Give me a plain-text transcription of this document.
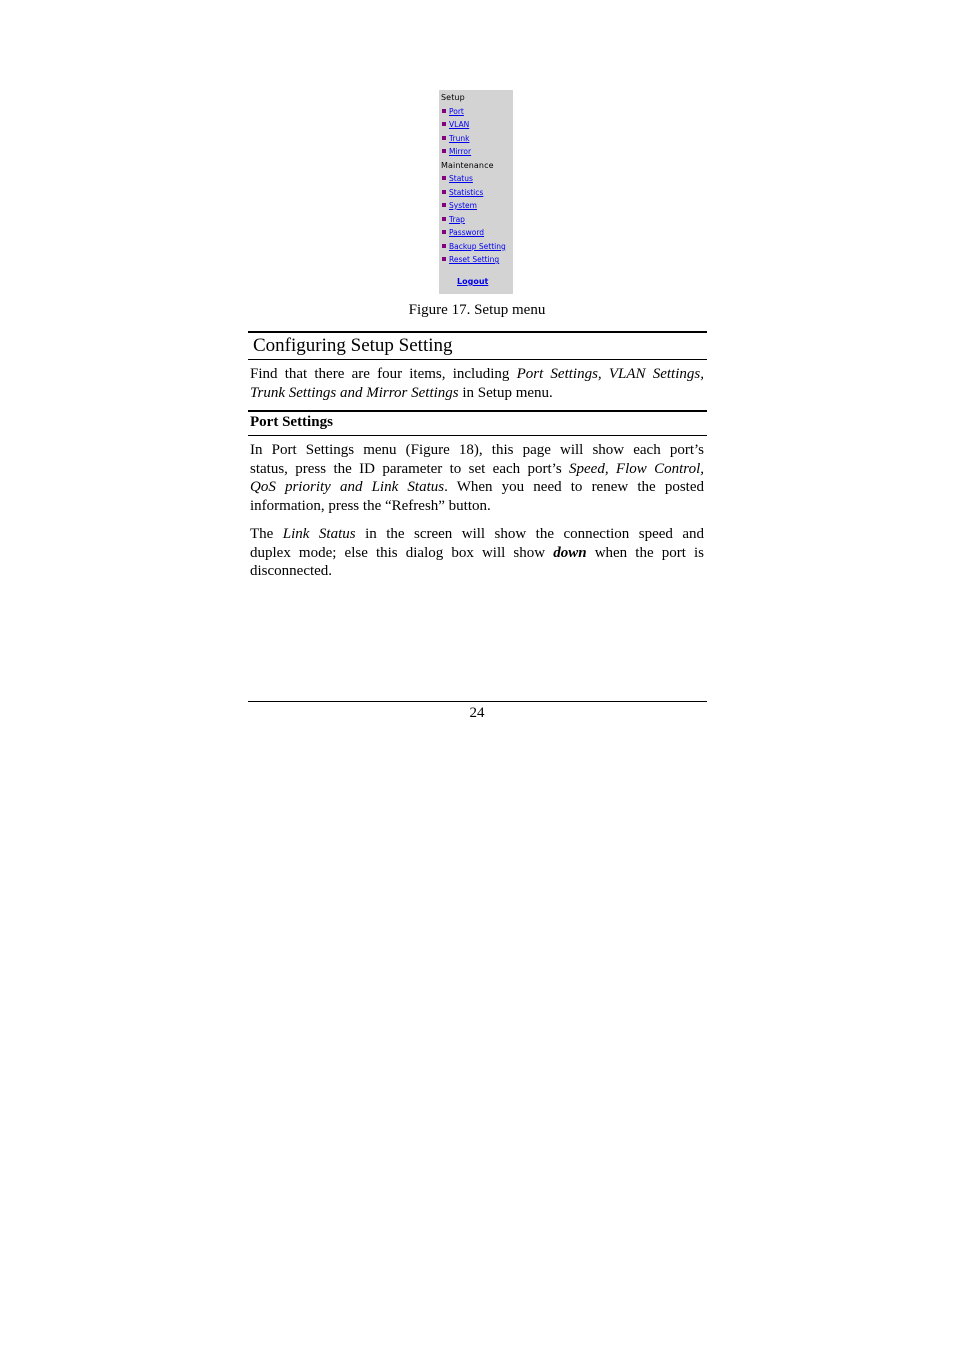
Setup
Port
VLAN
Trunk
Mirror
Maintenance
Status
Statistics
System
Trap
Password
Backup Setting
Reset Setting
Logout
Figure 17. Setup menu
Configuring Setup Setting
Find that there are four items, including Port Settings, VLAN Settings,
Trunk Settings and Mirror Settings in Setup menu.
Port Settings
In Port Settings menu (Figure 18), this page will show each port’s
status, press the ID parameter to set each port’s Speed, Flow Control,
QoS priority and Link Status. When you need to renew the posted
information, press the “Refresh” button.
The Link Status in the screen will show the connection speed and
duplex mode; else this dialog box will show down when the port is
disconnected.
24
